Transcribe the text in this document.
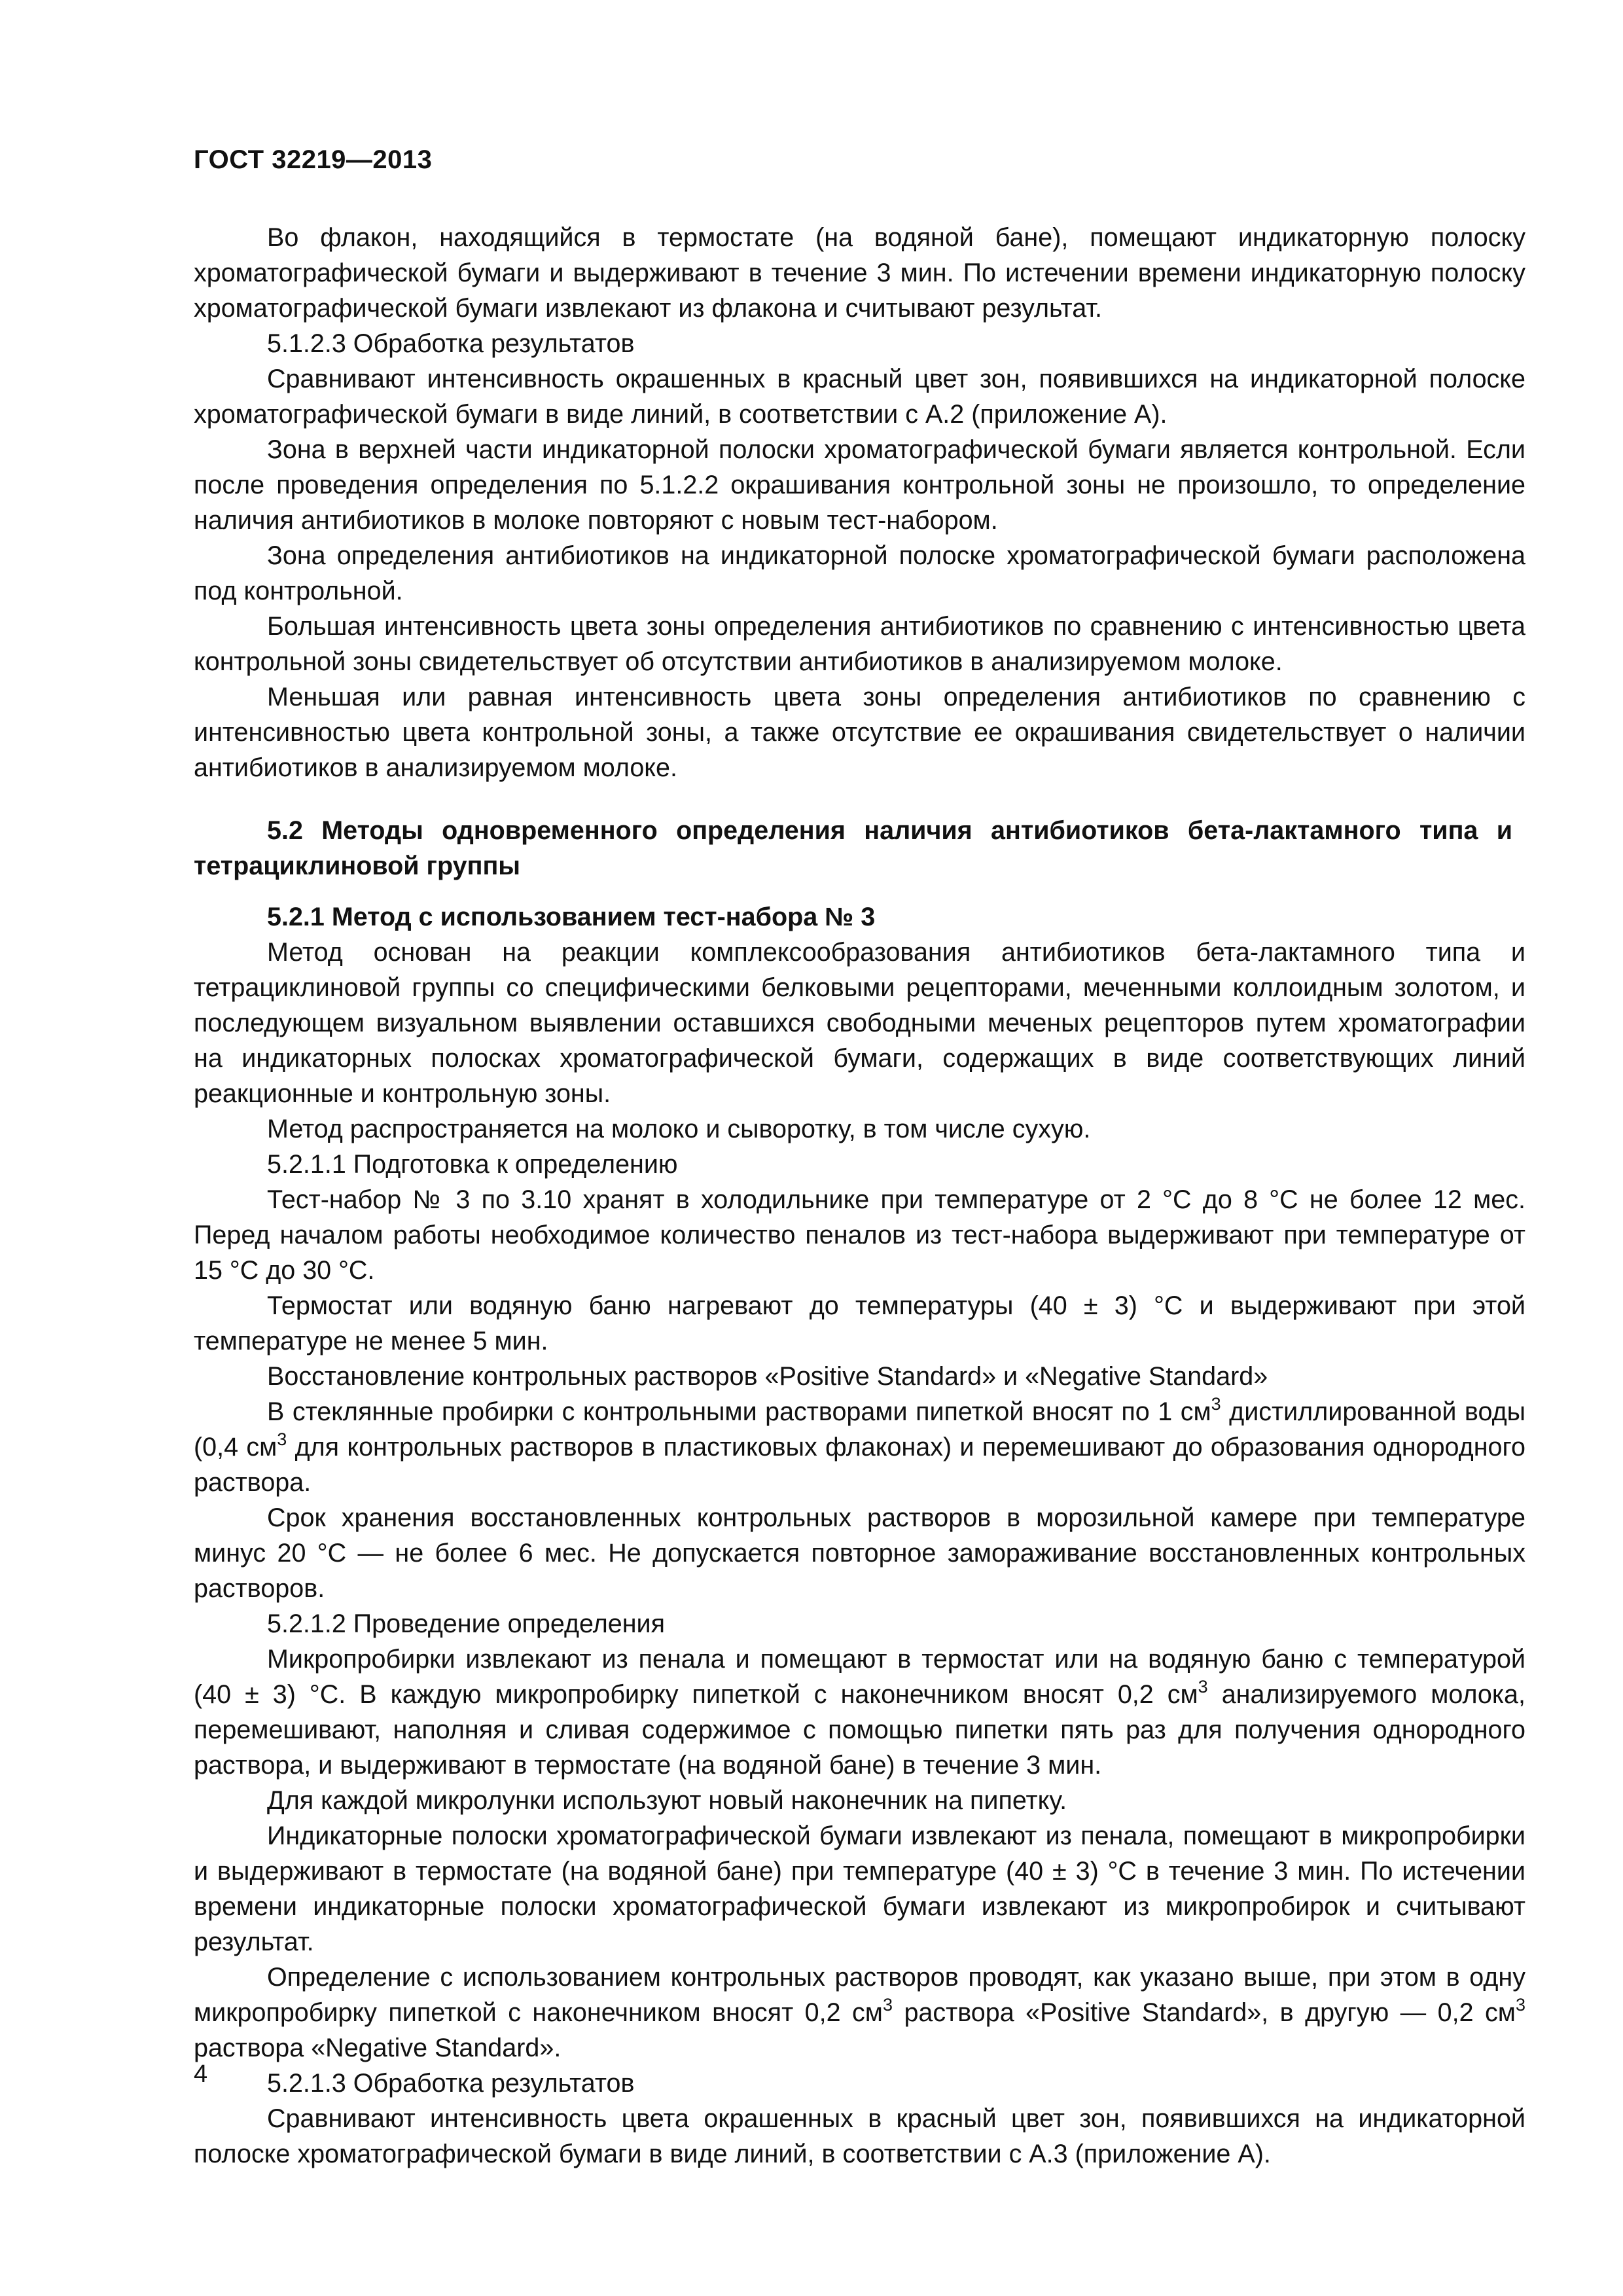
ГОСТ 32219—2013

Во флакон, находящийся в термостате (на водяной бане), помещают индикаторную полоску хроматографической бумаги и выдерживают в течение 3 мин. По истечении времени индикаторную полоску хроматографической бумаги извлекают из флакона и считывают результат.

5.1.2.3 Обработка результатов

Сравнивают интенсивность окрашенных в красный цвет зон, появившихся на индикаторной полоске хроматографической бумаги в виде линий, в соответствии с А.2 (приложение А).

Зона в верхней части индикаторной полоски хроматографической бумаги является контрольной. Если после проведения определения по 5.1.2.2 окрашивания контрольной зоны не произошло, то определение наличия антибиотиков в молоке повторяют с новым тест-набором.

Зона определения антибиотиков на индикаторной полоске хроматографической бумаги расположена под контрольной.

Большая интенсивность цвета зоны определения антибиотиков по сравнению с интенсивностью цвета контрольной зоны свидетельствует об отсутствии антибиотиков в анализируемом молоке.

Меньшая или равная интенсивность цвета зоны определения антибиотиков по сравнению с интенсивностью цвета контрольной зоны, а также отсутствие ее окрашивания свидетельствует о наличии антибиотиков в анализируемом молоке.

5.2 Методы одновременного определения наличия антибиотиков бета-лактамного типа и тетрациклиновой группы

5.2.1 Метод с использованием тест-набора № 3

Метод основан на реакции комплексообразования антибиотиков бета-лактамного типа и тетрациклиновой группы со специфическими белковыми рецепторами, меченными коллоидным золотом, и последующем визуальном выявлении оставшихся свободными меченых рецепторов путем хроматографии на индикаторных полосках хроматографической бумаги, содержащих в виде соответствующих линий реакционные и контрольную зоны.

Метод распространяется на молоко и сыворотку, в том числе сухую.

5.2.1.1 Подготовка к определению

Тест-набор № 3 по 3.10 хранят в холодильнике при температуре от 2 °С до 8 °С не более 12 мес. Перед началом работы необходимое количество пеналов из тест-набора выдерживают при температуре от 15 °С до 30 °С.

Термостат или водяную баню нагревают до температуры (40 ± 3) °С и выдерживают при этой температуре не менее 5 мин.

Восстановление контрольных растворов «Positive Standard» и «Negative Standard»

В стеклянные пробирки с контрольными растворами пипеткой вносят по 1 $см^3$ дистиллированной воды (0,4 $см^3$ для контрольных растворов в пластиковых флаконах) и перемешивают до образования однородного раствора.

Срок хранения восстановленных контрольных растворов в морозильной камере при температуре минус 20 °С — не более 6 мес. Не допускается повторное замораживание восстановленных контрольных растворов.

5.2.1.2 Проведение определения

Микропробирки извлекают из пенала и помещают в термостат или на водяную баню с температурой (40 ± 3) °С. В каждую микропробирку пипеткой с наконечником вносят 0,2 $см^3$ анализируемого молока, перемешивают, наполняя и сливая содержимое с помощью пипетки пять раз для получения однородного раствора, и выдерживают в термостате (на водяной бане) в течение 3 мин.

Для каждой микролунки используют новый наконечник на пипетку.

Индикаторные полоски хроматографической бумаги извлекают из пенала, помещают в микропробирки и выдерживают в термостате (на водяной бане) при температуре (40 ± 3) °С в течение 3 мин. По истечении времени индикаторные полоски хроматографической бумаги извлекают из микропробирок и считывают результат.

Определение с использованием контрольных растворов проводят, как указано выше, при этом в одну микропробирку пипеткой с наконечником вносят 0,2 $см^3$ раствора «Positive Standard», в другую — 0,2 $см^3$ раствора «Negative Standard».

5.2.1.3 Обработка результатов

Сравнивают интенсивность цвета окрашенных в красный цвет зон, появившихся на индикаторной полоске хроматографической бумаги в виде линий, в соответствии с А.3 (приложение А).

4
